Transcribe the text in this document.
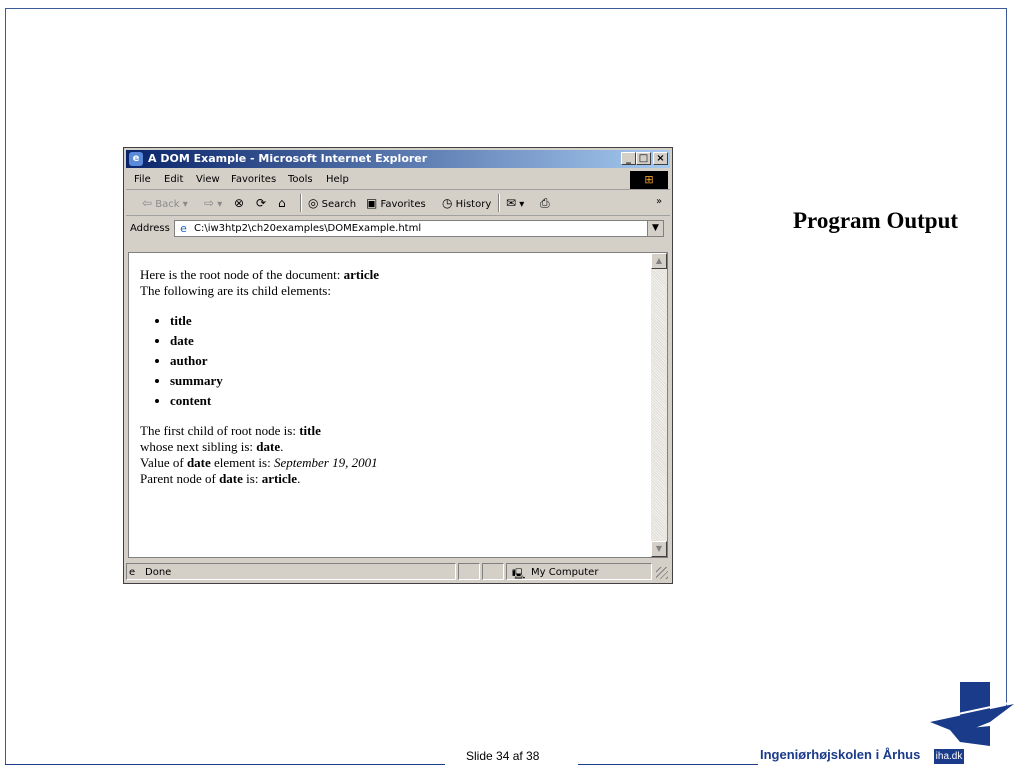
Program Output
Slide 34 af 38	Ingeniørhøjskolen i Århus iha.dk
e A DOM Example - Microsoft Internet Explorer	_ □ ×
File Edit View Favorites Tools Help	⊞
⇦ Back ▾ ⇨ ▾ ⊗ ⟳ ⌂ ◎ Search ▣ Favorites ◷ History ✉ ▾ ⎙	»
Address e C:\iw3htp2\ch20examples\DOMExample.html	▼

Here is the root node of the document: article

The following are its child elements:

• title
• date
• author
• summary
• content

The first child of root node is: title

whose next sibling is: date.

Value of date element is: September 19, 2001

Parent node of date is: article.

▲
▼
e Done	🖳 My Computer
